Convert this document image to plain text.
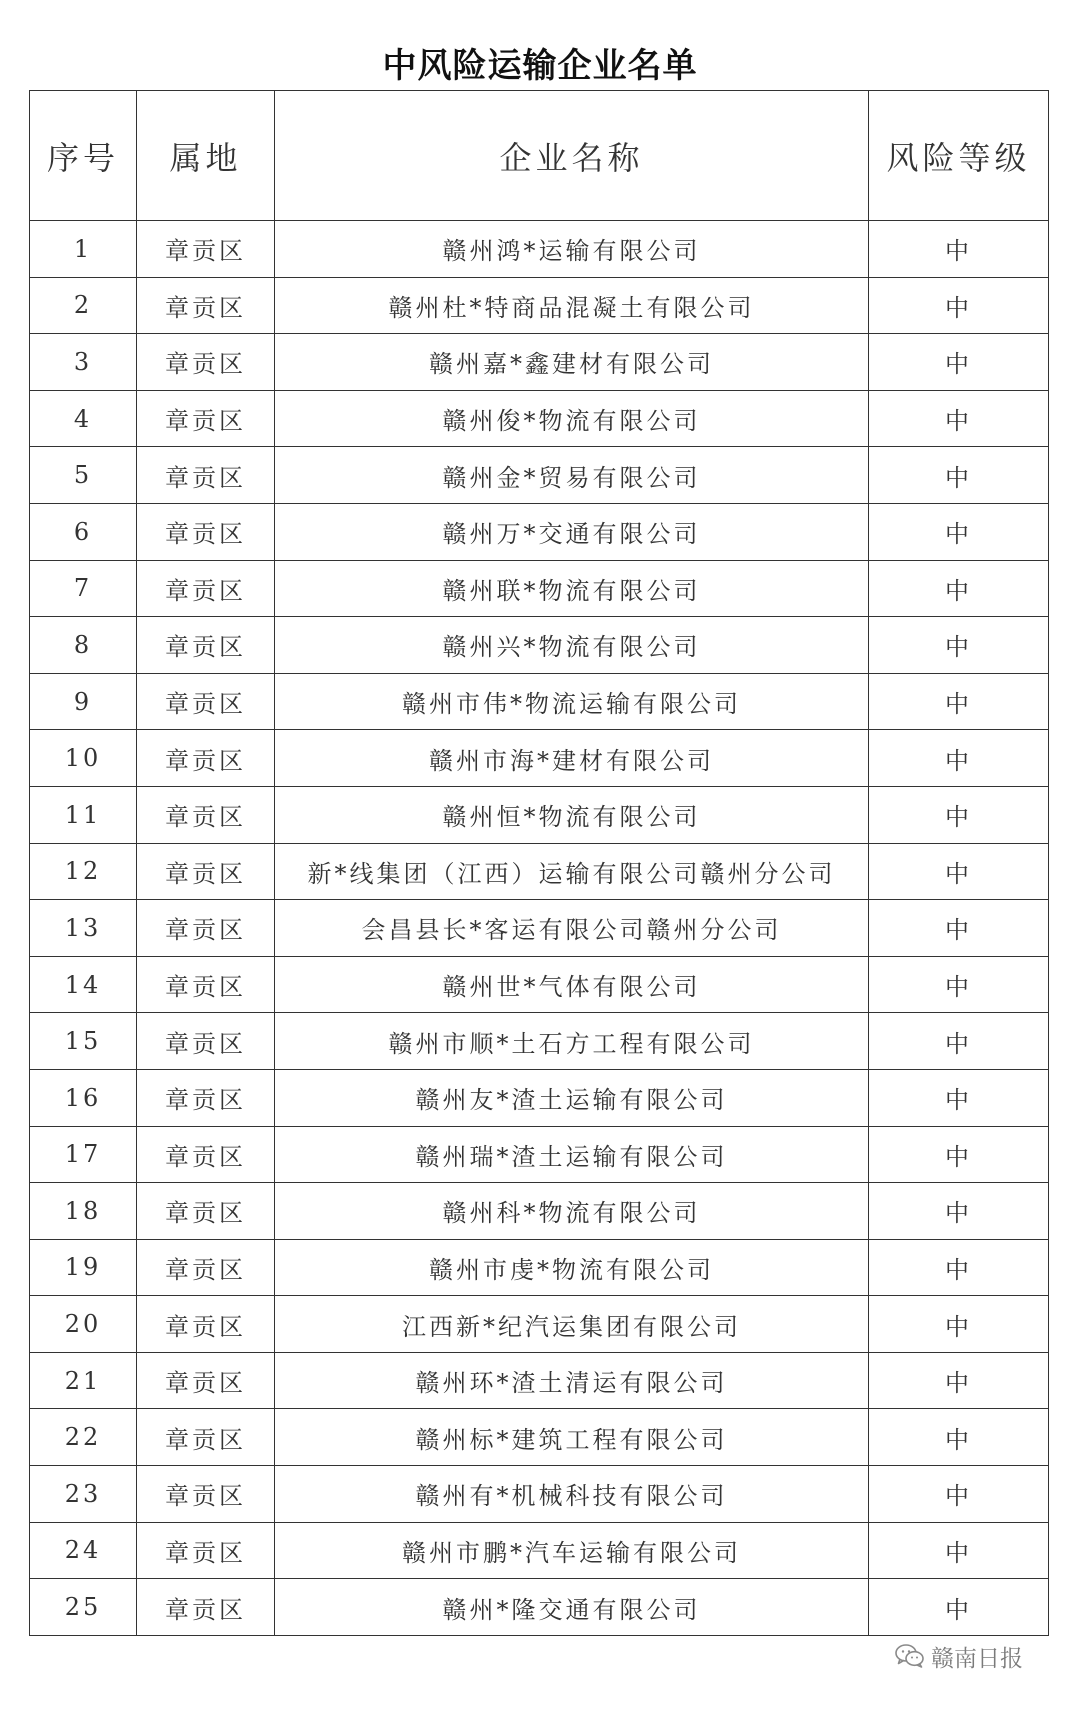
中风险运输企业名单
序号	属地	企业名称	风险等级
1	章贡区	赣州鸿*运输有限公司	中
2	章贡区	赣州杜*特商品混凝土有限公司	中
3	章贡区	赣州嘉*鑫建材有限公司	中
4	章贡区	赣州俊*物流有限公司	中
5	章贡区	赣州金*贸易有限公司	中
6	章贡区	赣州万*交通有限公司	中
7	章贡区	赣州联*物流有限公司	中
8	章贡区	赣州兴*物流有限公司	中
9	章贡区	赣州市伟*物流运输有限公司	中
10	章贡区	赣州市海*建材有限公司	中
11	章贡区	赣州恒*物流有限公司	中
12	章贡区	新*线集团（江西）运输有限公司赣州分公司	中
13	章贡区	会昌县长*客运有限公司赣州分公司	中
14	章贡区	赣州世*气体有限公司	中
15	章贡区	赣州市顺*土石方工程有限公司	中
16	章贡区	赣州友*渣土运输有限公司	中
17	章贡区	赣州瑞*渣土运输有限公司	中
18	章贡区	赣州科*物流有限公司	中
19	章贡区	赣州市虔*物流有限公司	中
20	章贡区	江西新*纪汽运集团有限公司	中
21	章贡区	赣州环*渣土清运有限公司	中
22	章贡区	赣州标*建筑工程有限公司	中
23	章贡区	赣州有*机械科技有限公司	中
24	章贡区	赣州市鹏*汽车运输有限公司	中
25	章贡区	赣州*隆交通有限公司	中
赣南日报
